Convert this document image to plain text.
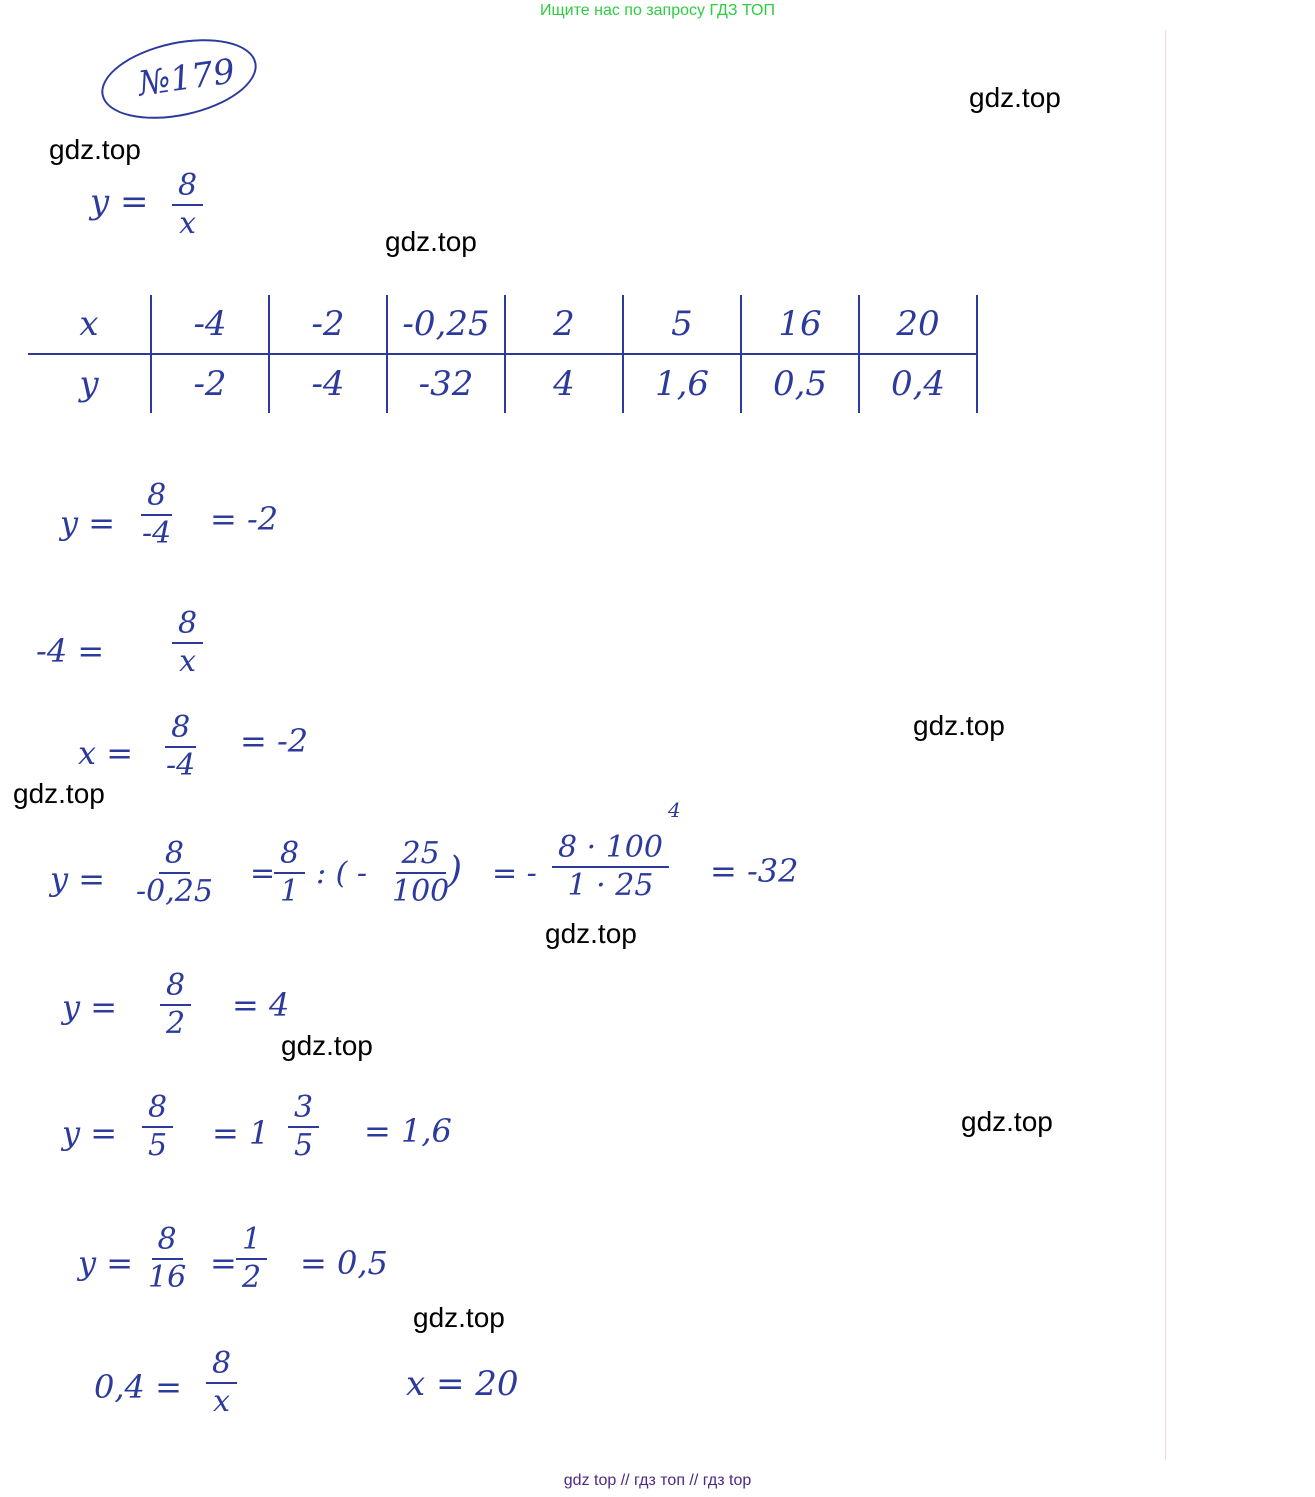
Ищите нас по запросу ГДЗ ТОП
№179	gdz.top
gdz.top
gdz.top
gdz.top
gdz.top
gdz.top
gdz.top
gdz.top
gdz.top
$y = \frac{8}{x}$
x	-4	-2	-0,25	2	5	16	20
y	-2	-4	-32	4	1,6	0,5	0,4
$y = \frac{8}{-4} = -2$
$-4 = \frac{8}{x}$
$x = \frac{8}{-4} = -2$
$y = \frac{8}{-0,25}$ =
$\frac{8}{1}$ : ( - $\frac{25}{100}$
) = -
4
$\frac{8 \cdot 100}{1 \cdot 25} = -32$
$y = \frac{8}{2} = 4$
$y = \frac{8}{5} = 1 \frac{3}{5} = 1,6$
$y = \frac{8}{16} = \frac{1}{2} = 0,5$
$0,4 = \frac{8}{x}$	x = 20
gdz top // гдз топ // гдз top
